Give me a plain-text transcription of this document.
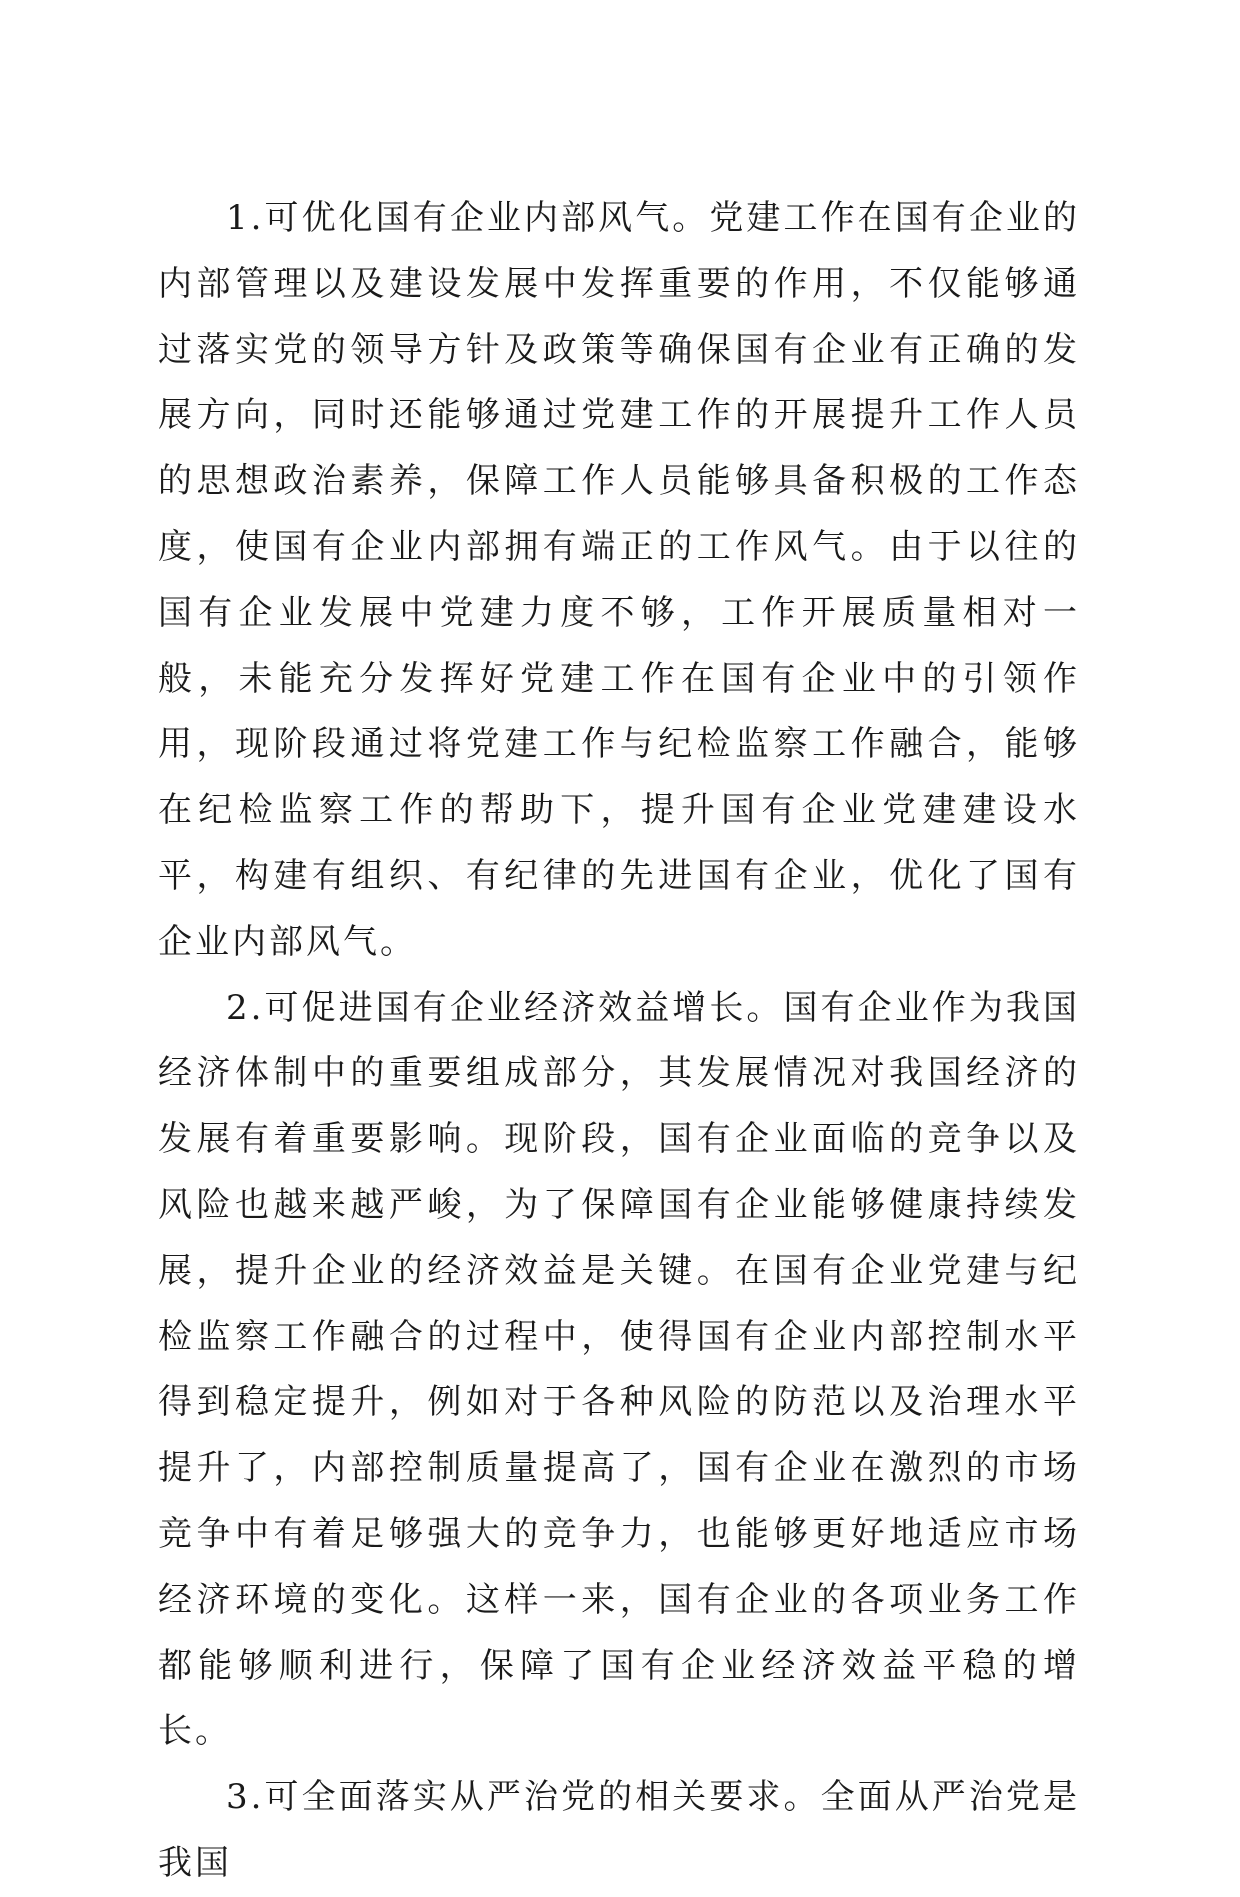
1.可优化国有企业内部风气。党建工作在国有企业的内部管理以及建设发展中发挥重要的作用，不仅能够通过落实党的领导方针及政策等确保国有企业有正确的发展方向，同时还能够通过党建工作的开展提升工作人员的思想政治素养，保障工作人员能够具备积极的工作态度，使国有企业内部拥有端正的工作风气。由于以往的国有企业发展中党建力度不够，工作开展质量相对一般，未能充分发挥好党建工作在国有企业中的引领作用，现阶段通过将党建工作与纪检监察工作融合，能够在纪检监察工作的帮助下，提升国有企业党建建设水平，构建有组织、有纪律的先进国有企业，优化了国有企业内部风气。

2.可促进国有企业经济效益增长。国有企业作为我国经济体制中的重要组成部分，其发展情况对我国经济的发展有着重要影响。现阶段，国有企业面临的竞争以及风险也越来越严峻，为了保障国有企业能够健康持续发展，提升企业的经济效益是关键。在国有企业党建与纪检监察工作融合的过程中，使得国有企业内部控制水平得到稳定提升，例如对于各种风险的防范以及治理水平提升了，内部控制质量提高了，国有企业在激烈的市场竞争中有着足够强大的竞争力，也能够更好地适应市场经济环境的变化。这样一来，国有企业的各项业务工作都能够顺利进行，保障了国有企业经济效益平稳的增长。

3.可全面落实从严治党的相关要求。全面从严治党是我国
